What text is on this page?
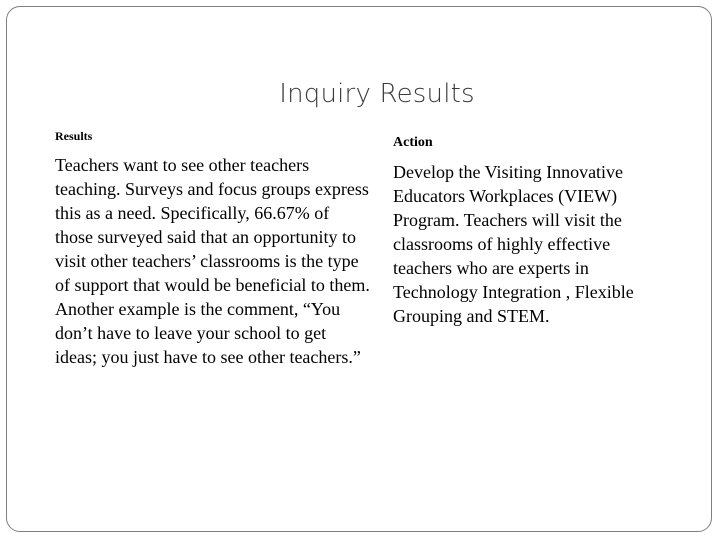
Inquiry Results
Results

Teachers want to see other teachers teaching. Surveys and focus groups express this as a need. Specifically, 66.67% of those surveyed said that an opportunity to visit other teachers’ classrooms is the type of support that would be beneficial to them. Another example is the comment, “You don’t have to leave your school to get ideas; you just have to see other teachers.”

Action

Develop the Visiting Innovative Educators Workplaces (VIEW) Program. Teachers will visit the classrooms of highly effective teachers who are experts in Technology Integration , Flexible Grouping and STEM.
